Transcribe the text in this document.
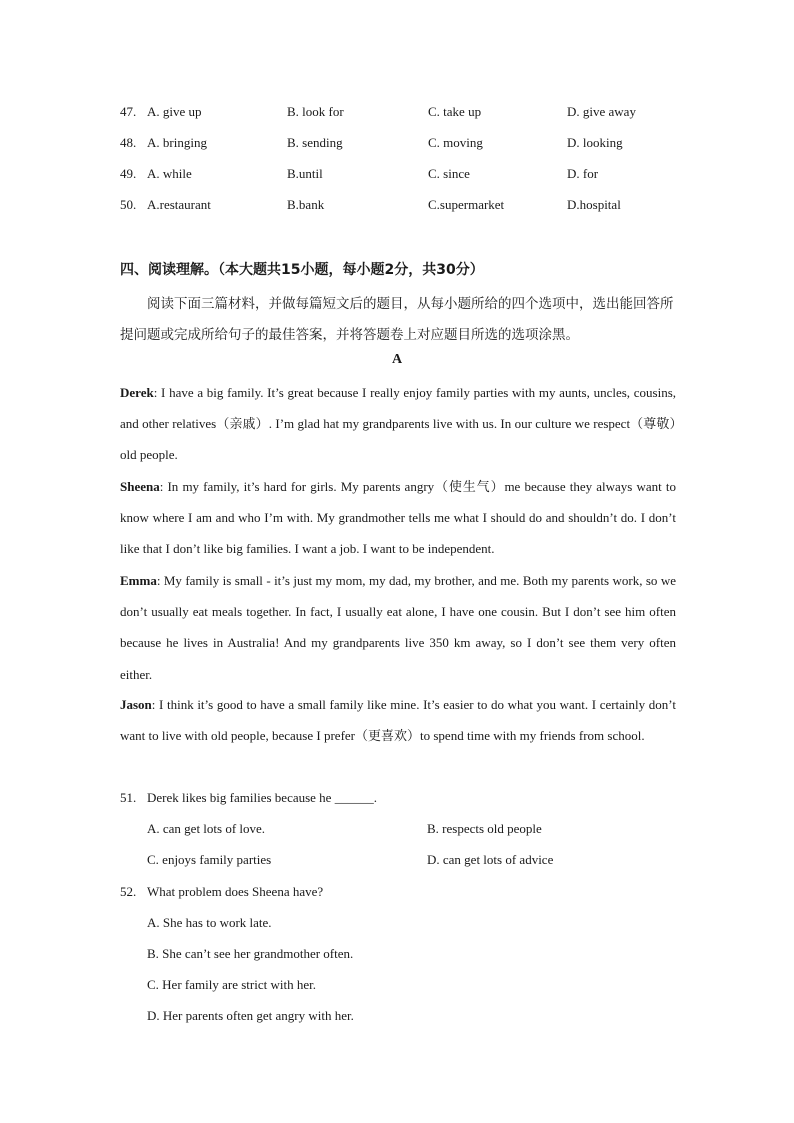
47. A. give up	B. look for	C. take up	D. give away
48. A. bringing	B. sending	C. moving	D. looking
49. A. while	B.until	C. since	D. for
50. A.restaurant	B.bank	C.supermarket	D.hospital
四、阅读理解。（本大题共15小题，每小题2分，共30分）
阅读下面三篇材料，并做每篇短文后的题目，从每小题所给的四个选项中，选出能回答所提问题或完成所给句子的最佳答案，并将答题卷上对应题目所选的选项涂黑。
A

Derek: I have a big family. It’s great because I really enjoy family parties with my aunts, uncles, cousins, and other relatives（亲戚）. I’m glad hat my grandparents live with us. In our culture we respect（尊敬）old people.

Sheena: In my family, it’s hard for girls. My parents angry（使生气）me because they always want to know where I am and who I’m with. My grandmother tells me what I should do and shouldn’t do. I don’t like that I don’t like big families. I want a job. I want to be independent.

Emma: My family is small - it’s just my mom, my dad, my brother, and me. Both my parents work, so we don’t usually eat meals together. In fact, I usually eat alone, I have one cousin. But I don’t see him often because he lives in Australia! And my grandparents live 350 km away, so I don’t see them very often either.

Jason: I think it’s good to have a small family like mine. It’s easier to do what you want. I certainly don’t want to live with old people, because I prefer（更喜欢）to spend time with my friends from school.

51. Derek likes big families because he ______.
A. can get lots of love.	B. respects old people
C. enjoys family parties	D. can get lots of advice
52. What problem does Sheena have?
A. She has to work late.
B. She can’t see her grandmother often.
C. Her family are strict with her.
D. Her parents often get angry with her.
